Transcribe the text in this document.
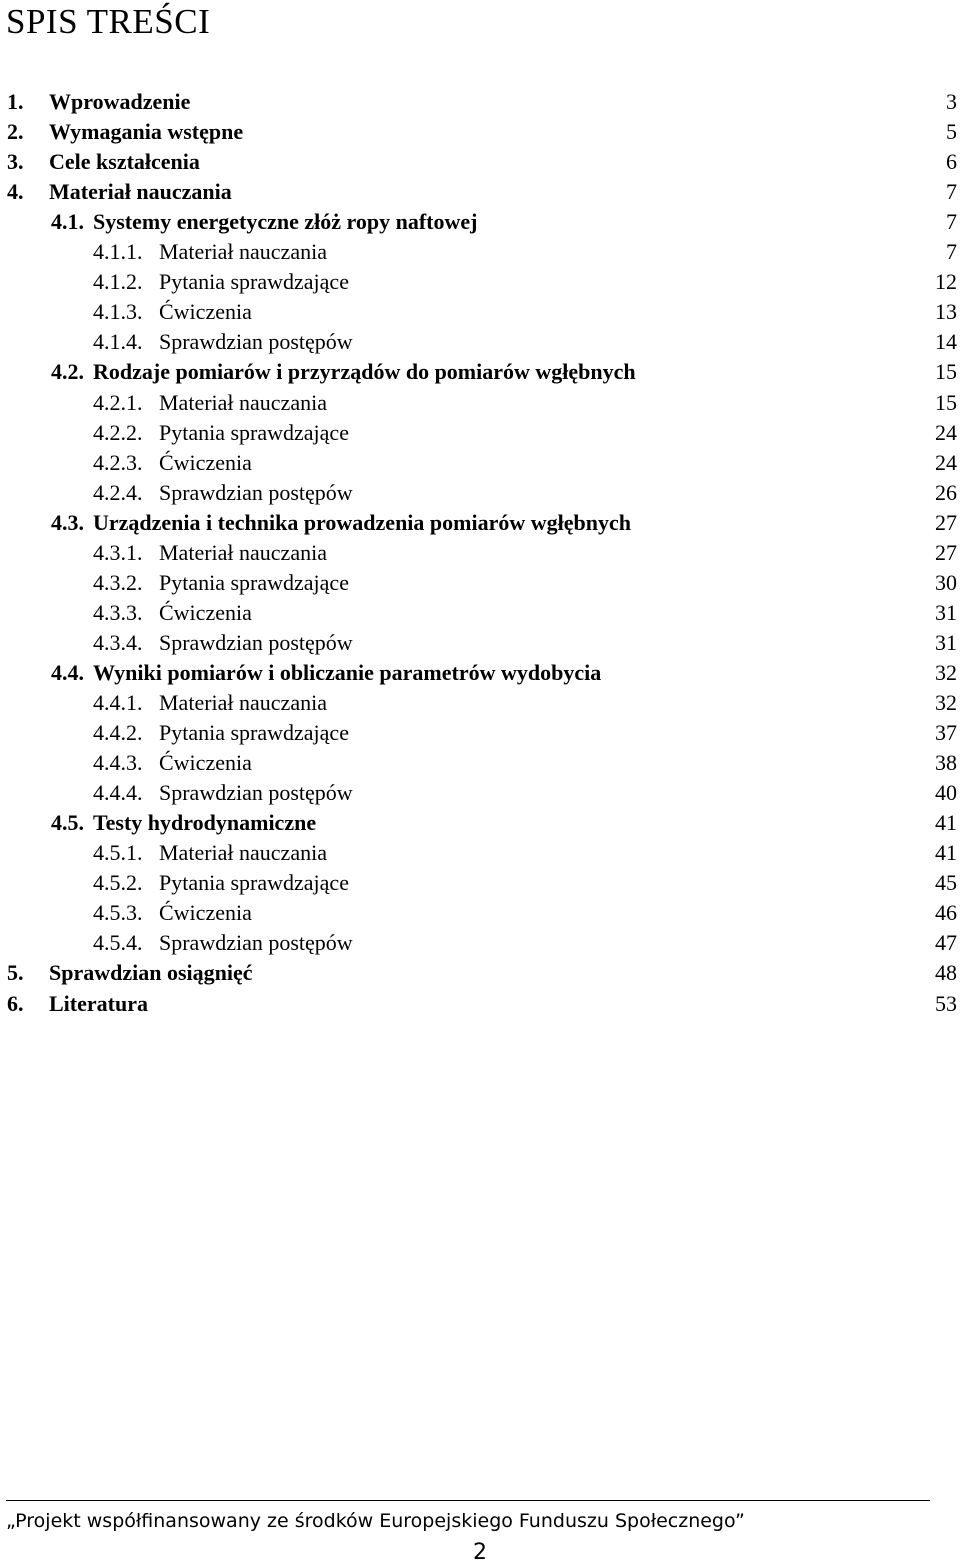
SPIS TREŚCI
1. Wprowadzenie	3
2. Wymagania wstępne	5
3. Cele kształcenia	6
4. Materiał nauczania	7
4.1. Systemy energetyczne złóż ropy naftowej	7
4.1.1. Materiał nauczania	7
4.1.2. Pytania sprawdzające	12
4.1.3. Ćwiczenia	13
4.1.4. Sprawdzian postępów	14
4.2. Rodzaje pomiarów i przyrządów do pomiarów wgłębnych	15
4.2.1. Materiał nauczania	15
4.2.2. Pytania sprawdzające	24
4.2.3. Ćwiczenia	24
4.2.4. Sprawdzian postępów	26
4.3. Urządzenia i technika prowadzenia pomiarów wgłębnych	27
4.3.1. Materiał nauczania	27
4.3.2. Pytania sprawdzające	30
4.3.3. Ćwiczenia	31
4.3.4. Sprawdzian postępów	31
4.4. Wyniki pomiarów i obliczanie parametrów wydobycia	32
4.4.1. Materiał nauczania	32
4.4.2. Pytania sprawdzające	37
4.4.3. Ćwiczenia	38
4.4.4. Sprawdzian postępów	40
4.5. Testy hydrodynamiczne	41
4.5.1. Materiał nauczania	41
4.5.2. Pytania sprawdzające	45
4.5.3. Ćwiczenia	46
4.5.4. Sprawdzian postępów	47
5. Sprawdzian osiągnięć	48
6. Literatura	53
„Projekt współfinansowany ze środków Europejskiego Funduszu Społecznego”
2
